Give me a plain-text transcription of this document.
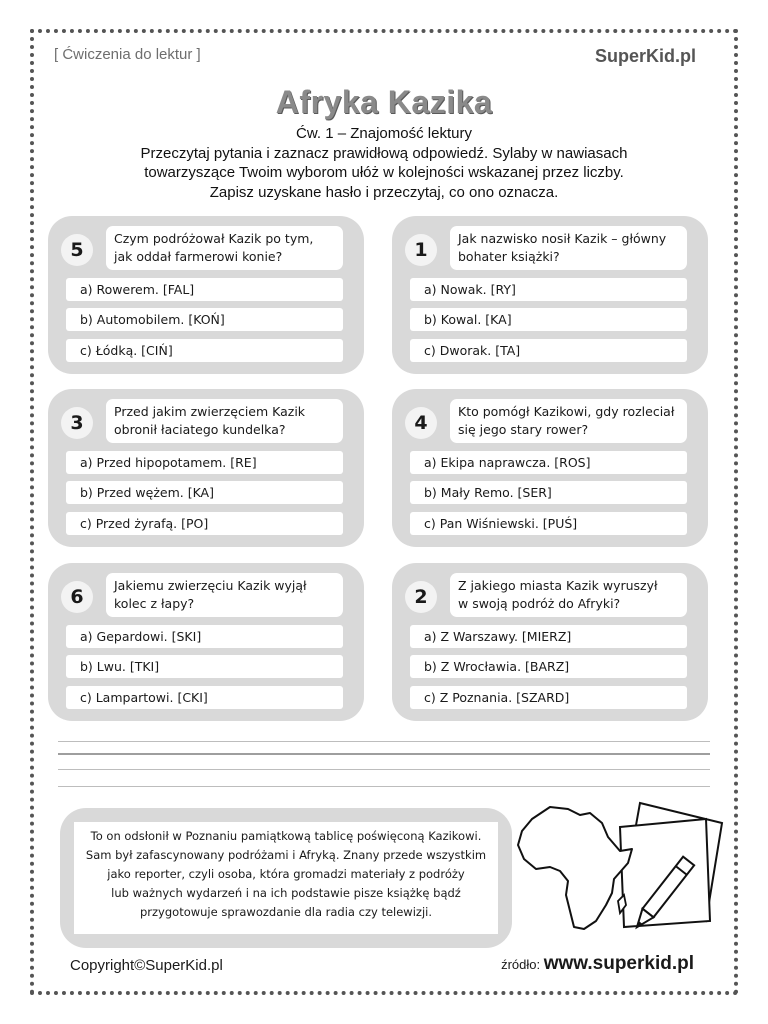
[ Ćwiczenia do lektur ]	SuperKid.pl
Afryka Kazika
Ćw. 1 – Znajomość lektury
Przeczytaj pytania i zaznacz prawidłową odpowiedź. Sylaby w nawiasach
towarzyszące Twoim wyborom ułóż w kolejności wskazanej przez liczby.
Zapisz uzyskane hasło i przeczytaj, co ono oznacza.
5
Czym podróżował Kazik po tym,
jak oddał farmerowi konie?
a) Rowerem. [FAL]
b) Automobilem. [KOŃ]
c) Łódką. [CIŃ]
1
Jak nazwisko nosił Kazik – główny
bohater książki?
a) Nowak. [RY]
b) Kowal. [KA]
c) Dworak. [TA]
3
Przed jakim zwierzęciem Kazik
obronił łaciatego kundelka?
a) Przed hipopotamem. [RE]
b) Przed wężem. [KA]
c) Przed żyrafą. [PO]
4
Kto pomógł Kazikowi, gdy rozleciał
się jego stary rower?
a) Ekipa naprawcza. [ROS]
b) Mały Remo. [SER]
c) Pan Wiśniewski. [PUŚ]
6
Jakiemu zwierzęciu Kazik wyjął
kolec z łapy?
a) Gepardowi. [SKI]
b) Lwu. [TKI]
c) Lampartowi. [CKI]
2
Z jakiego miasta Kazik wyruszył
w swoją podróż do Afryki?
a) Z Warszawy. [MIERZ]
b) Z Wrocławia. [BARZ]
c) Z Poznania. [SZARD]
To on odsłonił w Poznaniu pamiątkową tablicę poświęconą Kazikowi.
Sam był zafascynowany podróżami i Afryką. Znany przede wszystkim
jako reporter, czyli osoba, która gromadzi materiały z podróży
lub ważnych wydarzeń i na ich podstawie pisze książkę bądź
przygotowuje sprawozdanie dla radia czy telewizji.
Copyright©SuperKid.pl	źródło: www.superkid.pl
